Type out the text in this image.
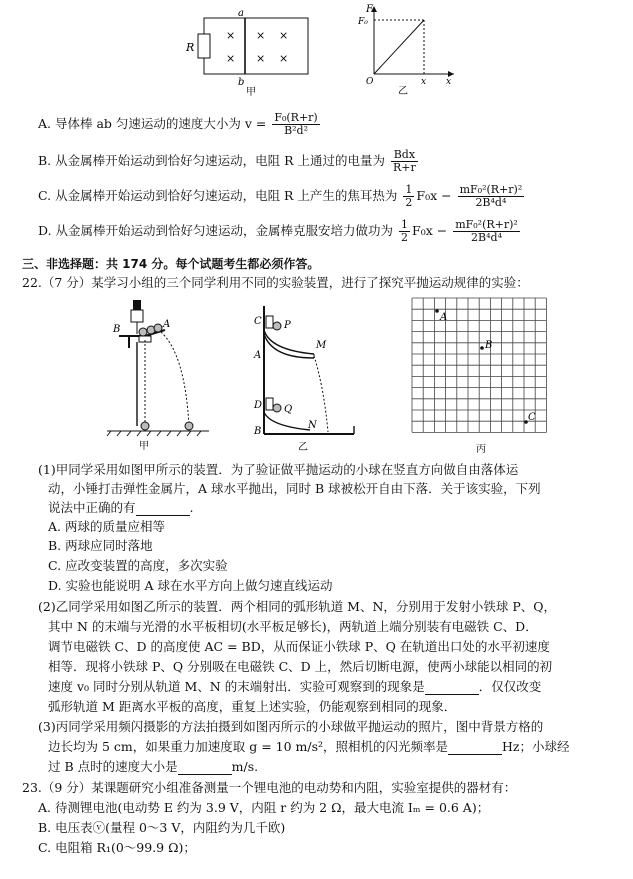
R
a
b
×
×
×
×
×
×
甲
F
F₀
O	x x
乙
A. 导体棒 ab 匀速运动的速度大小为 $v = \frac{\text{F₀(R+r)}}{\text{B²d²}}$
B. 从金属棒开始运动到恰好匀速运动，电阻 R 上通过的电量为 $\frac{\text{Bdx}}{R+r}$
C. 从金属棒开始运动到恰好匀速运动，电阻 R 上产生的焦耳热为 $\frac{1}{2} F_0x - \frac{\text{mF₀²(R+r)²}}{\text{2B⁴d⁴}}$
D. 从金属棒开始运动到恰好匀速运动，金属棒克服安培力做功为 $\frac{1}{2} F_0x - \frac{\text{mF₀²(R+r)²}}{\text{2B⁴d⁴}}$
三、非选择题：共 174 分。每个试题考生都必须作答。
22.（7 分）某学习小组的三个同学利用不同的实验装置，进行了探究平抛运动规律的实验：
B	A
甲
C P
A
M
D Q
B
N
乙
A
B
C
丙
(1)甲同学采用如图甲所示的装置．为了验证做平抛运动的小球在竖直方向做自由落体运
动，小锤打击弹性金属片，A 球水平抛出，同时 B 球被松开自由下落．关于该实验，下列
说法中正确的有	.
A. 两球的质量应相等
B. 两球应同时落地
C. 应改变装置的高度，多次实验
D. 实验也能说明 A 球在水平方向上做匀速直线运动
(2)乙同学采用如图乙所示的装置．两个相同的弧形轨道 M、N，分别用于发射小铁球 P、Q，
其中 N 的末端与光滑的水平板相切(水平板足够长)，两轨道上端分别装有电磁铁 C、D．
调节电磁铁 C、D 的高度使 AC = BD，从而保证小铁球 P、Q 在轨道出口处的水平初速度
相等．现将小铁球 P、Q 分别吸在电磁铁 C、D 上，然后切断电源，使两小球能以相同的初
速度 v₀ 同时分别从轨道 M、N 的末端射出．实验可观察到的现象是	．仅仅改变
弧形轨道 M 距离水平板的高度，重复上述实验，仍能观察到相同的现象．
(3)丙同学采用频闪摄影的方法拍摄到如图丙所示的小球做平抛运动的照片，图中背景方格的
边长均为 5 cm，如果重力加速度取 g = 10 m/s²，照相机的闪光频率是	Hz；小球经
过 B 点时的速度大小是	m/s.
23.（9 分）某课题研究小组准备测量一个锂电池的电动势和内阻，实验室提供的器材有：
A. 待测锂电池(电动势 E 约为 3.9 V，内阻 r 约为 2 Ω，最大电流 Iₘ = 0.6 A)；
B. 电压表ⓥ(量程 0～3 V，内阻约为几千欧)
C. 电阻箱 R₁(0～99.9 Ω)；
